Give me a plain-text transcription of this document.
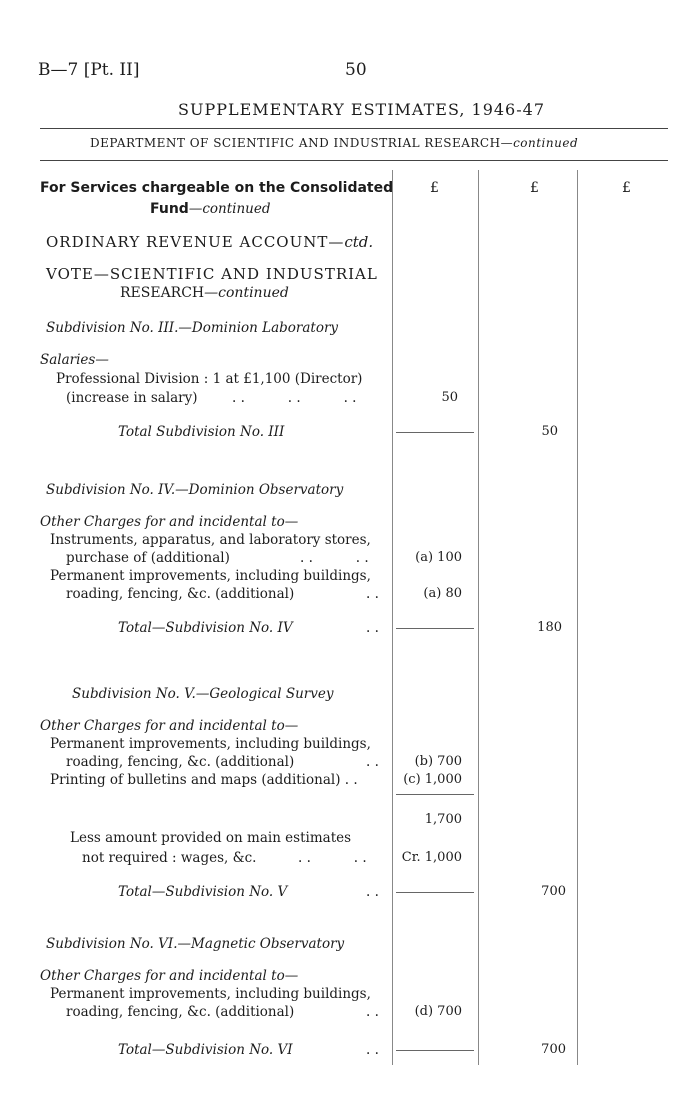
B—7 [Pt. II]	50
SUPPLEMENTARY ESTIMATES, 1946-47
DEPARTMENT OF SCIENTIFIC AND INDUSTRIAL RESEARCH—continued
£	£	£
For Services chargeable on the Consolidated
Fund—continued
ORDINARY REVENUE ACCOUNT—ctd.
VOTE—SCIENTIFIC AND INDUSTRIAL
RESEARCH—continued
Subdivision No. III.—Dominion Laboratory
Salaries—
Professional Division : 1 at £1,100 (Director)
(increase in salary)	. .          . .          . .	50
Total Subdivision No. III	50
Subdivision No. IV.—Dominion Observatory
Other Charges for and incidental to—
Instruments, apparatus, and laboratory stores,
purchase of (additional)	. .          . .	(a) 100
Permanent improvements, including buildings,
roading, fencing, &c. (additional)	. .	(a) 80
Total—Subdivision No. IV	. .	180
Subdivision No. V.—Geological Survey
Other Charges for and incidental to—
Permanent improvements, including buildings,
roading, fencing, &c. (additional)	. .	(b) 700
Printing of bulletins and maps (additional) . .	(c) 1,000
1,700
Less amount provided on main estimates
not required : wages, &c.	. .          . .	Cr. 1,000
Total—Subdivision No. V	. .	700
Subdivision No. VI.—Magnetic Observatory
Other Charges for and incidental to—
Permanent improvements, including buildings,
roading, fencing, &c. (additional)	. .	(d) 700
Total—Subdivision No. VI	. .	700
